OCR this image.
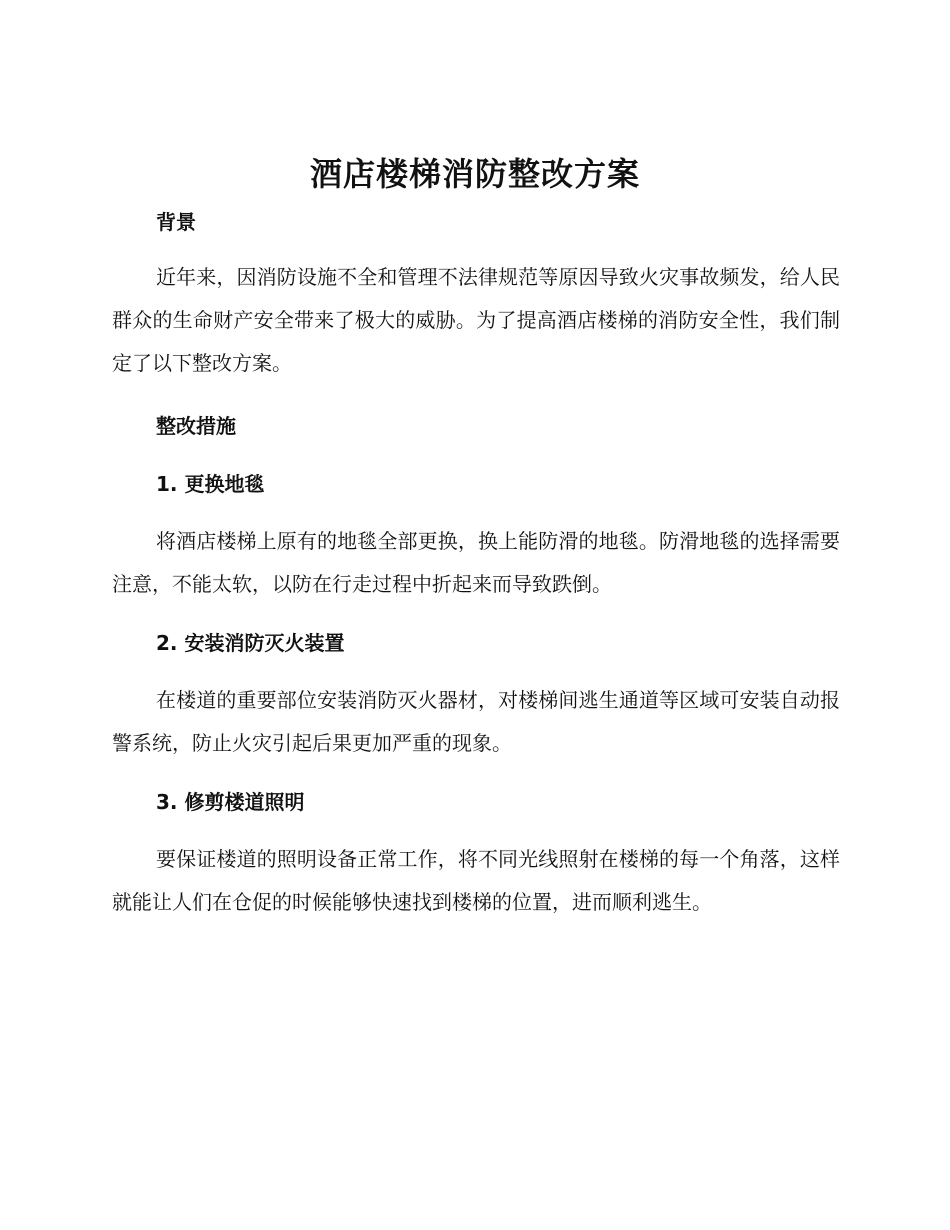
酒店楼梯消防整改方案
背景

近年来，因消防设施不全和管理不法律规范等原因导致火灾事故频发，给人民群众的生命财产安全带来了极大的威胁。为了提高酒店楼梯的消防安全性，我们制定了以下整改方案。

整改措施
1. 更换地毯

将酒店楼梯上原有的地毯全部更换，换上能防滑的地毯。防滑地毯的选择需要注意，不能太软，以防在行走过程中折起来而导致跌倒。

2. 安装消防灭火装置

在楼道的重要部位安装消防灭火器材，对楼梯间逃生通道等区域可安装自动报警系统，防止火灾引起后果更加严重的现象。

3. 修剪楼道照明

要保证楼道的照明设备正常工作，将不同光线照射在楼梯的每一个角落，这样就能让人们在仓促的时候能够快速找到楼梯的位置，进而顺利逃生。
